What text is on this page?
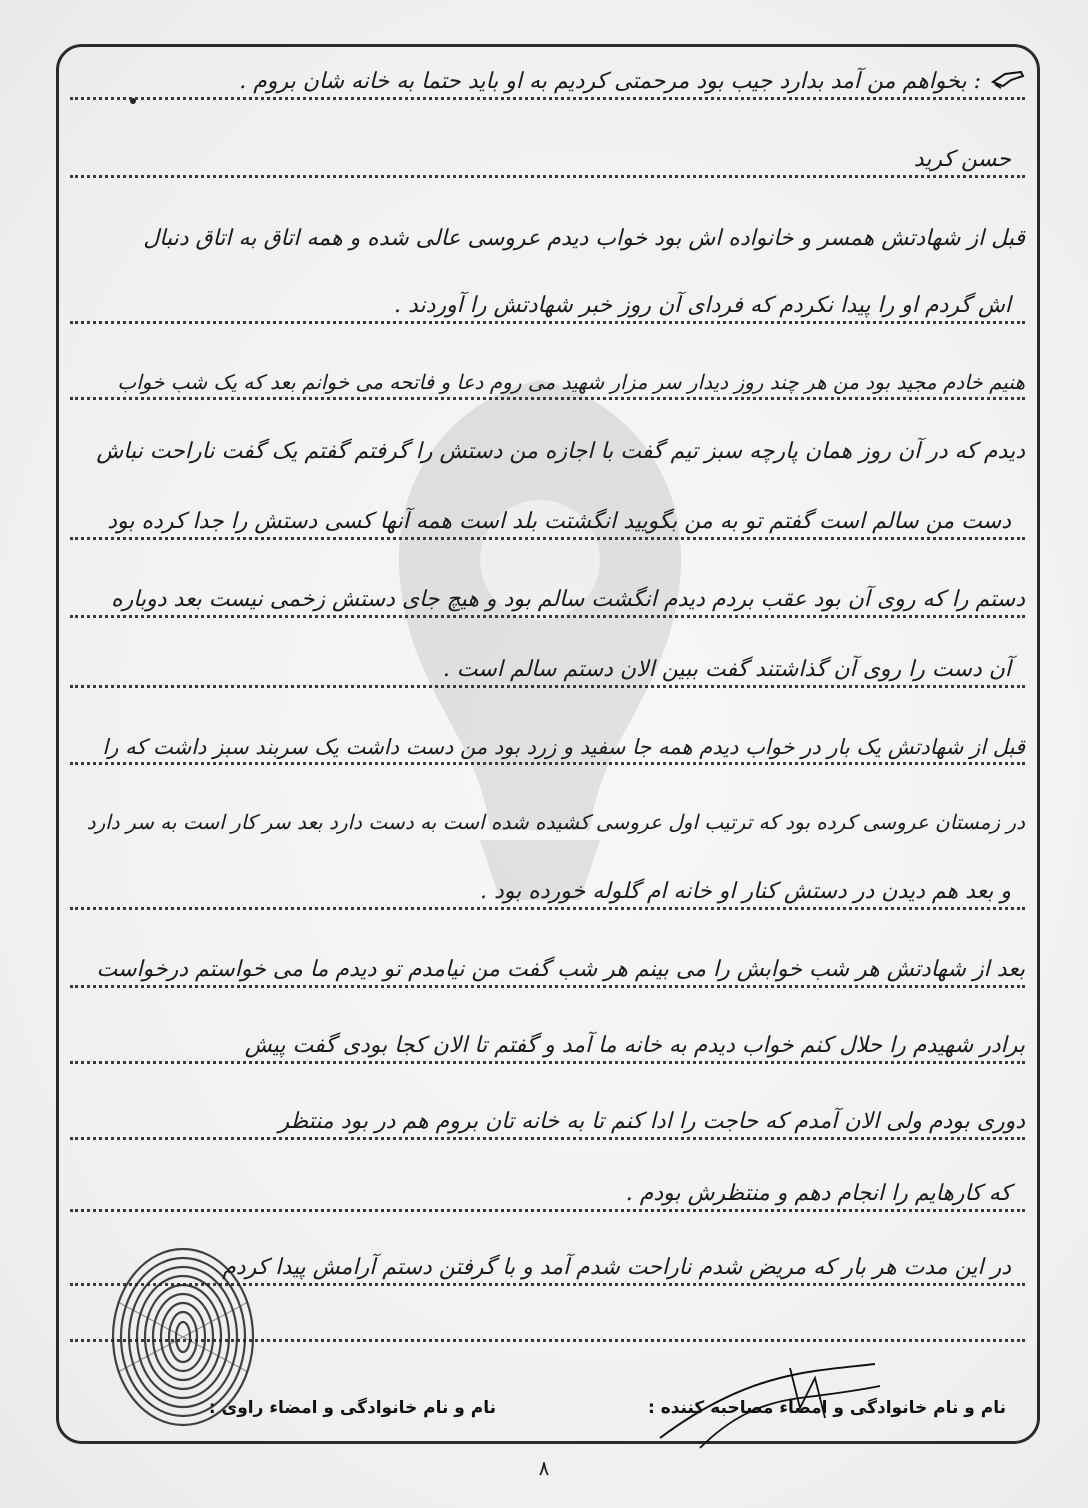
: بخواهم من آمد بدارد جیب بود مرحمتی کردیم به او باید حتما به خانه شان بروم .
حسن کرید
قبل از شهادتش همسر و خانواده اش بود خواب دیدم عروسی عالی شده و همه اتاق به اتاق دنبال
اش گردم او را پیدا نکردم که فردای آن روز خبر شهادتش را آوردند .
هنیم خادم مجید بود من هر چند روز دیدار سر مزار شهید می روم دعا و فاتحه می خوانم بعد که یک شب خواب
دیدم که در آن روز همان پارچه سبز تیم گفت با اجازه من دستش را گرفتم گفتم یک گفت ناراحت نباش
دست من سالم است گفتم تو به من بگویید انگشتت بلد است همه آنها کسی دستش را جدا کرده بود
دستم را که روی آن بود عقب بردم دیدم انگشت سالم بود و هیچ جای دستش زخمی نیست بعد دوباره
آن دست را روی آن گذاشتند گفت ببین الان دستم سالم است .
قبل از شهادتش یک بار در خواب دیدم همه جا سفید و زرد بود من دست داشت یک سربند سبز داشت که را
در زمستان عروسی کرده بود که ترتیب اول عروسی کشیده شده است به دست دارد بعد سر کار است به سر دارد
و بعد هم دیدن در دستش کنار او خانه ام گلوله خورده بود .
بعد از شهادتش هر شب خوابش را می بینم هر شب گفت من نیامدم تو دیدم ما می خواستم درخواست
برادر شهیدم را حلال کنم خواب دیدم به خانه ما آمد و گفتم تا الان کجا بودی گفت پیش
دوری بودم ولی الان آمدم که حاجت را ادا کنم تا به خانه تان بروم هم در بود منتظر
که کارهایم را انجام دهم و منتظرش بودم .
در این مدت هر بار که مریض شدم ناراحت شدم آمد و با گرفتن دستم آرامش پیدا کردم
نام و نام خانوادگی و امضاء مصاحبه کننده :
نام و نام خانوادگی و امضاء راوی :
۸
